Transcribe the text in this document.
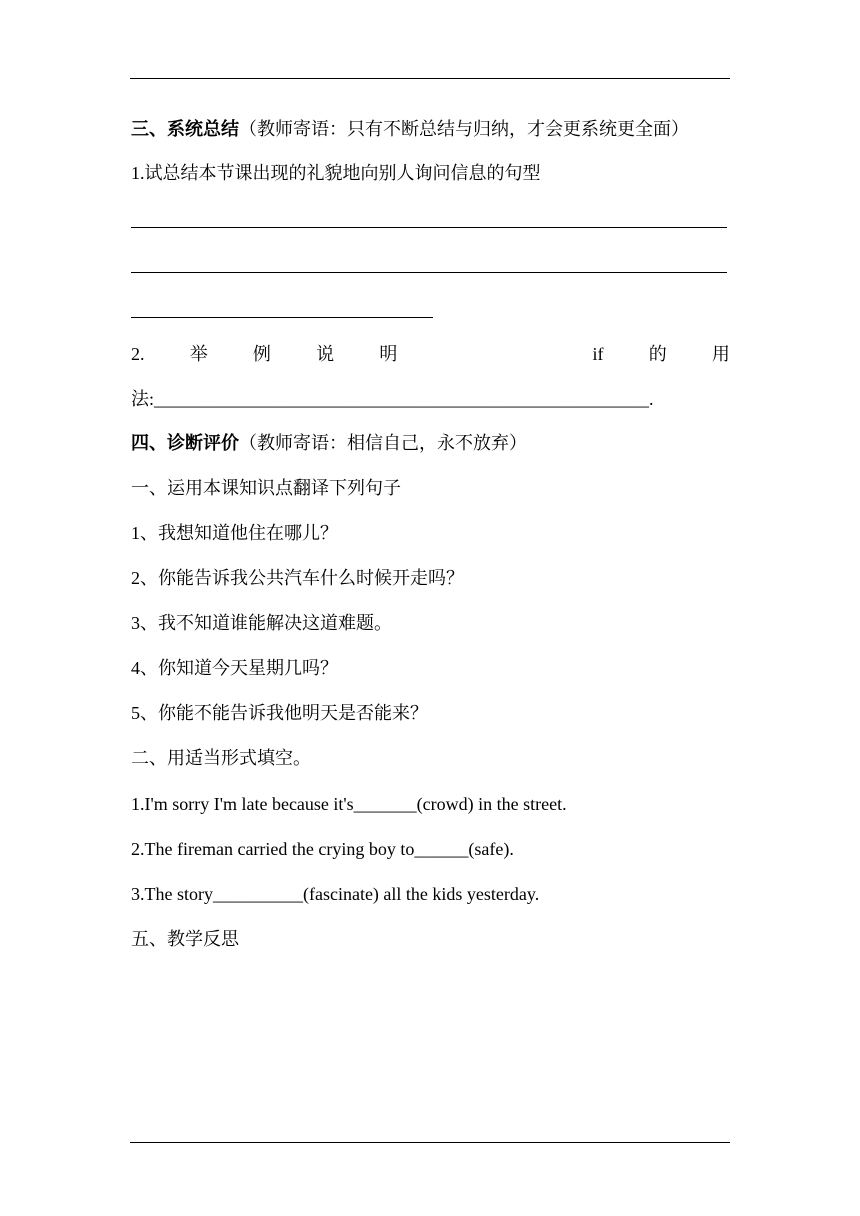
三、系统总结（教师寄语：只有不断总结与归纳，才会更系统更全面）
1.试总结本节课出现的礼貌地向别人询问信息的句型
2.	举	例	说	明	if	的	用
法:_______________________________________________________.
四、诊断评价（教师寄语：相信自己，永不放弃）
一、运用本课知识点翻译下列句子
1、我想知道他住在哪儿？
2、你能告诉我公共汽车什么时候开走吗？
3、我不知道谁能解决这道难题。
4、你知道今天星期几吗？
5、你能不能告诉我他明天是否能来？
二、用适当形式填空。
1.I'm sorry I'm late because it's_______(crowd) in the street.
2.The fireman carried the crying boy to______(safe).
3.The story__________(fascinate) all the kids yesterday.
五、教学反思
